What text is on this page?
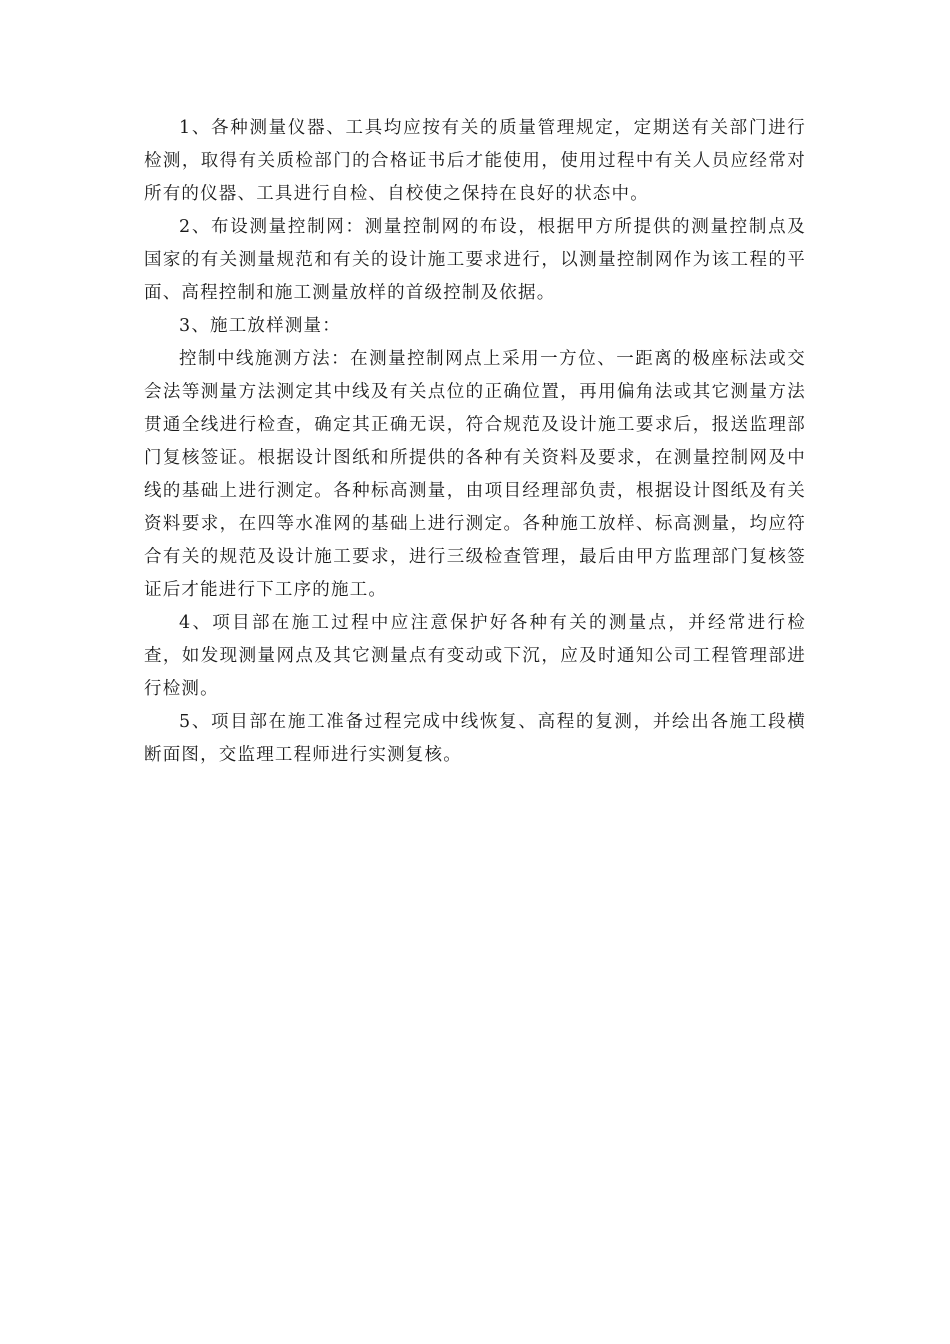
1、各种测量仪器、工具均应按有关的质量管理规定，定期送有关部门进行检测，取得有关质检部门的合格证书后才能使用，使用过程中有关人员应经常对所有的仪器、工具进行自检、自校使之保持在良好的状态中。

2、布设测量控制网：测量控制网的布设，根据甲方所提供的测量控制点及国家的有关测量规范和有关的设计施工要求进行，以测量控制网作为该工程的平面、高程控制和施工测量放样的首级控制及依据。

3、施工放样测量：

控制中线施测方法：在测量控制网点上采用一方位、一距离的极座标法或交会法等测量方法测定其中线及有关点位的正确位置，再用偏角法或其它测量方法贯通全线进行检查，确定其正确无误，符合规范及设计施工要求后，报送监理部门复核签证。根据设计图纸和所提供的各种有关资料及要求，在测量控制网及中线的基础上进行测定。各种标高测量，由项目经理部负责，根据设计图纸及有关资料要求，在四等水准网的基础上进行测定。各种施工放样、标高测量，均应符合有关的规范及设计施工要求，进行三级检查管理，最后由甲方监理部门复核签证后才能进行下工序的施工。

4、项目部在施工过程中应注意保护好各种有关的测量点，并经常进行检查，如发现测量网点及其它测量点有变动或下沉，应及时通知公司工程管理部进行检测。

5、项目部在施工准备过程完成中线恢复、高程的复测，并绘出各施工段横断面图，交监理工程师进行实测复核。
